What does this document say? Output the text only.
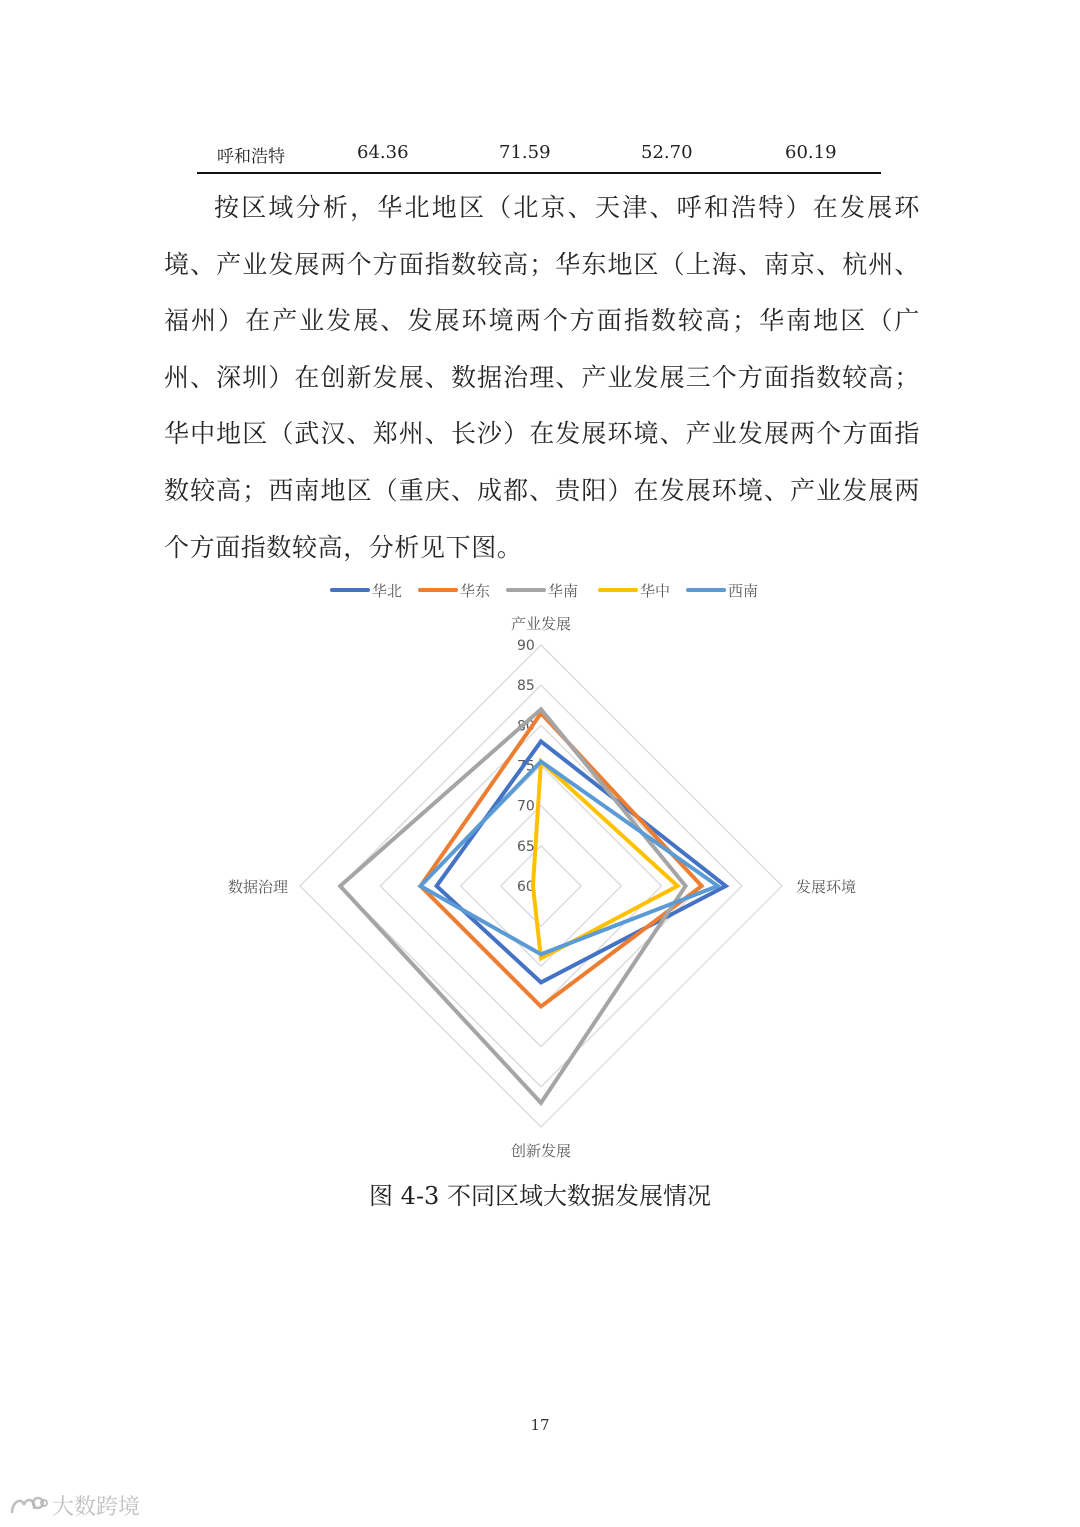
呼和浩特	64.36	71.59	52.70	60.19

按区域分析，华北地区（北京、天津、呼和浩特）在发展环境、产业发展两个方面指数较高；华东地区（上海、南京、杭州、福州）在产业发展、发展环境两个方面指数较高；华南地区（广州、深圳）在创新发展、数据治理、产业发展三个方面指数较高；华中地区（武汉、郑州、长沙）在发展环境、产业发展两个方面指数较高；西南地区（重庆、成都、贵阳）在发展环境、产业发展两个方面指数较高，分析见下图。

华北	华东	华南	华中	西南
60
65
70
75
80
85
90
产业发展
发展环境
创新发展
数据治理
图 4-3 不同区域大数据发展情况
17
大数跨境
